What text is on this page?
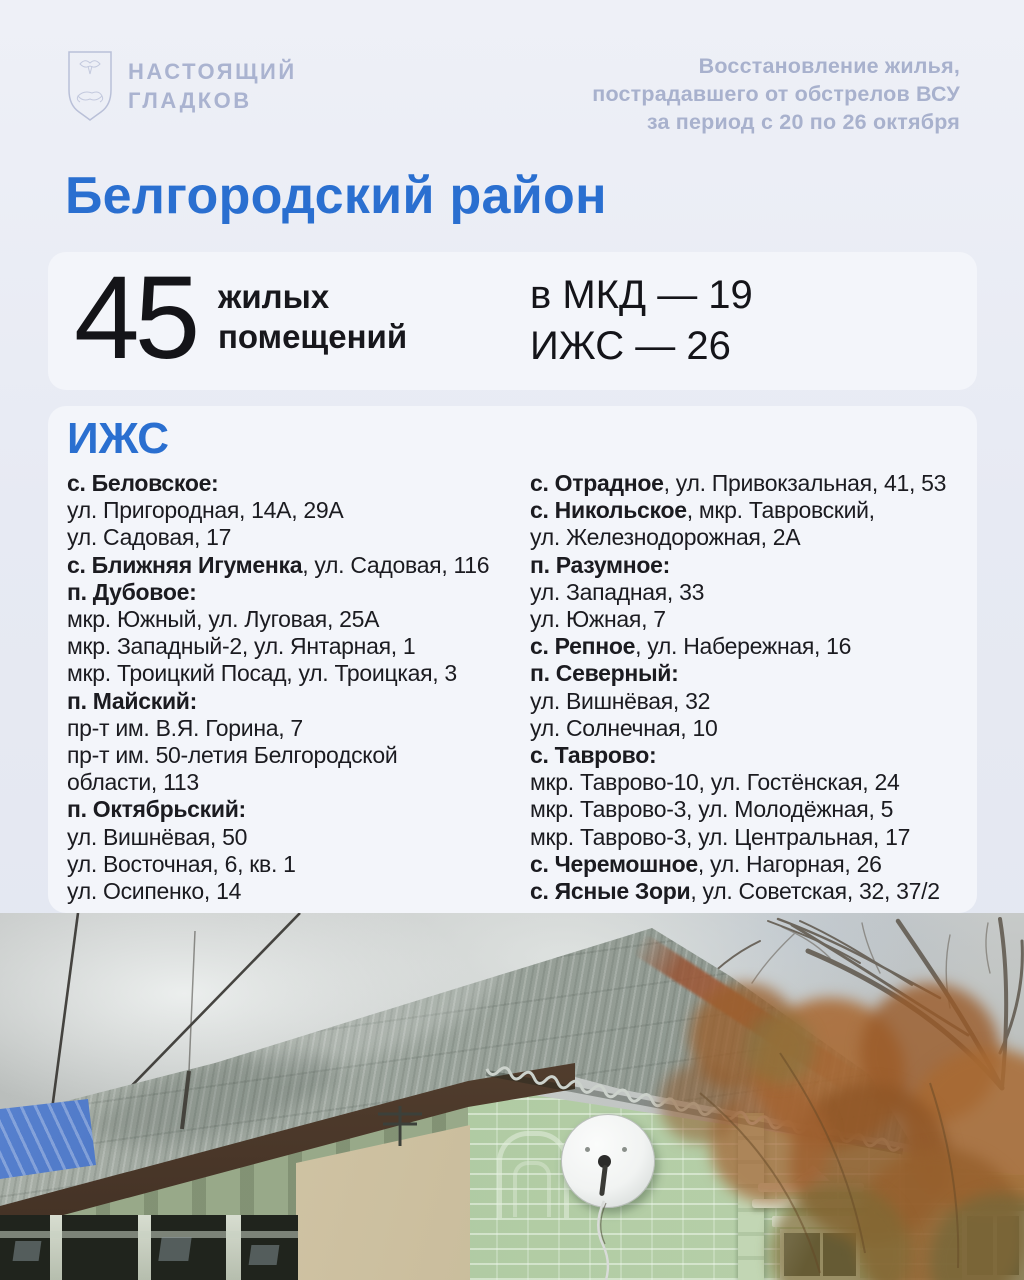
НАСТОЯЩИЙ
ГЛАДКОВ
Восстановление жилья,
пострадавшего от обстрелов ВСУ
за период с 20 по 26 октября
Белгородский район
45 жилых
помещений
в МКД — 19
ИЖС — 26
ИЖС
с. Беловское:
ул. Пригородная, 14А, 29А
ул. Садовая, 17
с. Ближняя Игуменка, ул. Садовая, 116
п. Дубовое:
мкр. Южный, ул. Луговая, 25А
мкр. Западный-2, ул. Янтарная, 1
мкр. Троицкий Посад, ул. Троицкая, 3
п. Майский:
пр-т им. В.Я. Горина, 7
пр-т им. 50-летия Белгородской
области, 113
п. Октябрьский:
ул. Вишнёвая, 50
ул. Восточная, 6, кв. 1
ул. Осипенко, 14
с. Отрадное, ул. Привокзальная, 41, 53
с. Никольское, мкр. Тавровский,
ул. Железнодорожная, 2А
п. Разумное:
ул. Западная, 33
ул. Южная, 7
с. Репное, ул. Набережная, 16
п. Северный:
ул. Вишнёвая, 32
ул. Солнечная, 10
с. Таврово:
мкр. Таврово-10, ул. Гостёнская, 24
мкр. Таврово-3, ул. Молодёжная, 5
мкр. Таврово-3, ул. Центральная, 17
с. Черемошное, ул. Нагорная, 26
с. Ясные Зори, ул. Советская, 32, 37/2
